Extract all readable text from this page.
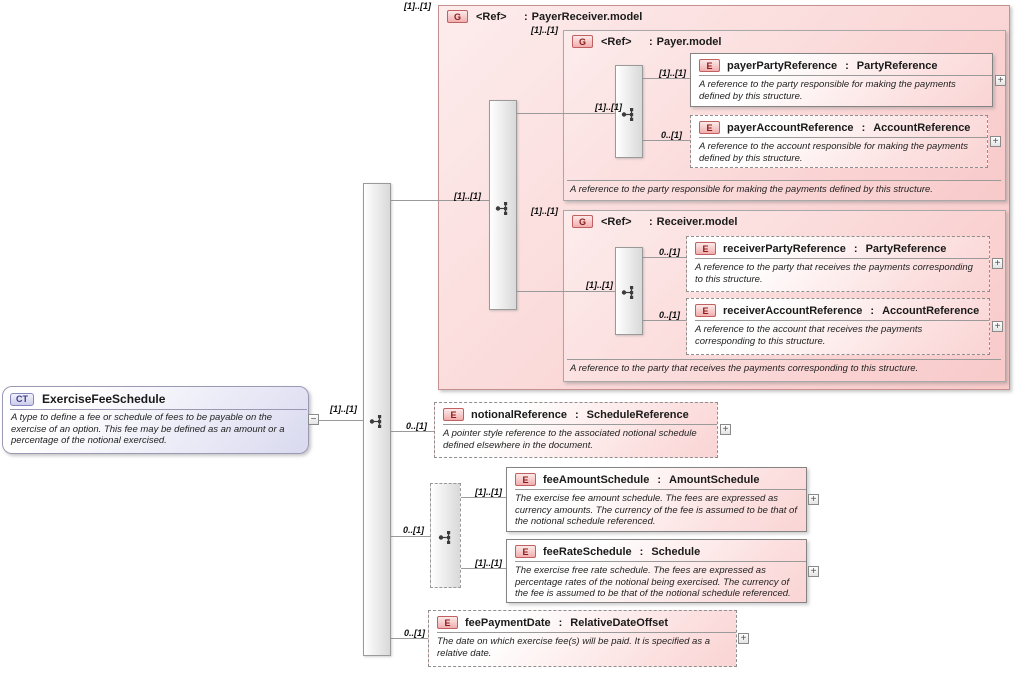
G	<Ref>	: PayerReceiver.model
G	<Ref>	: Payer.model
G	<Ref>	: Receiver.model
A reference to the party responsible for making the payments defined by this structure.
A reference to the party that receives the payments corresponding to this structure.
CT	ExerciseFeeSchedule
A type to define a fee or schedule of fees to be payable on the exercise of an option. This fee may be defined as an amount or a percentage of the notional exercised.
−
[1]..[1]
[1]..[1]
[1]..[1]
[1]..[1]
[1]..[1]
[1]..[1]
0..[1]
[1]..[1]
[1]..[1]
0..[1]
0..[1]
0..[1]
0..[1]
[1]..[1]
[1]..[1]
0..[1]
E	payerPartyReference : PartyReference
A reference to the party responsible for making the payments defined by this structure.
+
E	payerAccountReference : AccountReference
A reference to the account responsible for making the payments defined by this structure.
+
E	receiverPartyReference : PartyReference
A reference to the party that receives the payments corresponding to this structure.
+
E	receiverAccountReference : AccountReference
A reference to the account that receives the payments corresponding to this structure.
+
E	notionalReference : ScheduleReference
A pointer style reference to the associated notional schedule defined elsewhere in the document.
+
E	feeAmountSchedule : AmountSchedule
The exercise fee amount schedule. The fees are expressed as currency amounts. The currency of the fee is assumed to be that of the notional schedule referenced.
+
E	feeRateSchedule : Schedule
The exercise free rate schedule. The fees are expressed as percentage rates of the notional being exercised. The currency of the fee is assumed to be that of the notional schedule referenced.
+
E	feePaymentDate : RelativeDateOffset
The date on which exercise fee(s) will be paid. It is specified as a relative date.
+
